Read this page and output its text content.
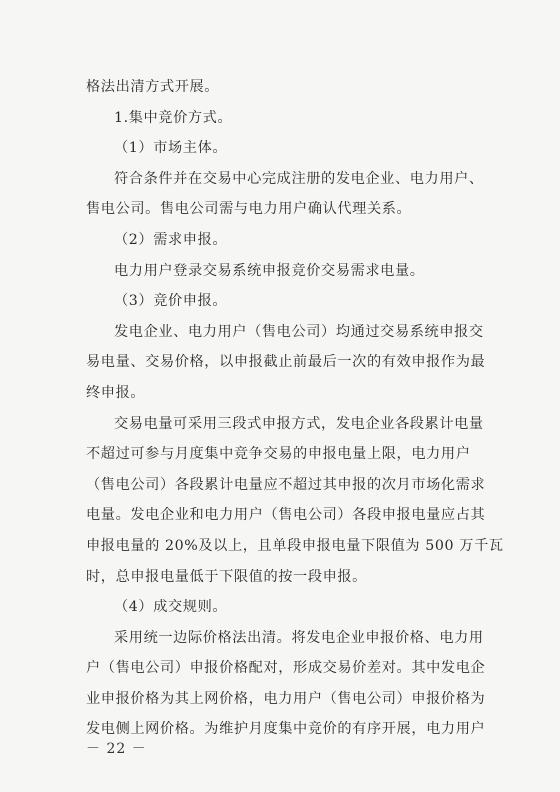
格法出清方式开展。
1.集中竞价方式。
（1）市场主体。
符合条件并在交易中心完成注册的发电企业、电力用户、
售电公司。售电公司需与电力用户确认代理关系。
（2）需求申报。
电力用户登录交易系统申报竞价交易需求电量。
（3）竞价申报。
发电企业、电力用户（售电公司）均通过交易系统申报交
易电量、交易价格，以申报截止前最后一次的有效申报作为最
终申报。
交易电量可采用三段式申报方式，发电企业各段累计电量
不超过可参与月度集中竞争交易的申报电量上限，电力用户
（售电公司）各段累计电量应不超过其申报的次月市场化需求
电量。发电企业和电力用户（售电公司）各段申报电量应占其
申报电量的 20%及以上，且单段申报电量下限值为 500 万千瓦
时，总申报电量低于下限值的按一段申报。
（4）成交规则。
采用统一边际价格法出清。将发电企业申报价格、电力用
户（售电公司）申报价格配对，形成交易价差对。其中发电企
业申报价格为其上网价格，电力用户（售电公司）申报价格为
发电侧上网价格。为维护月度集中竞价的有序开展，电力用户
－ 22 －
